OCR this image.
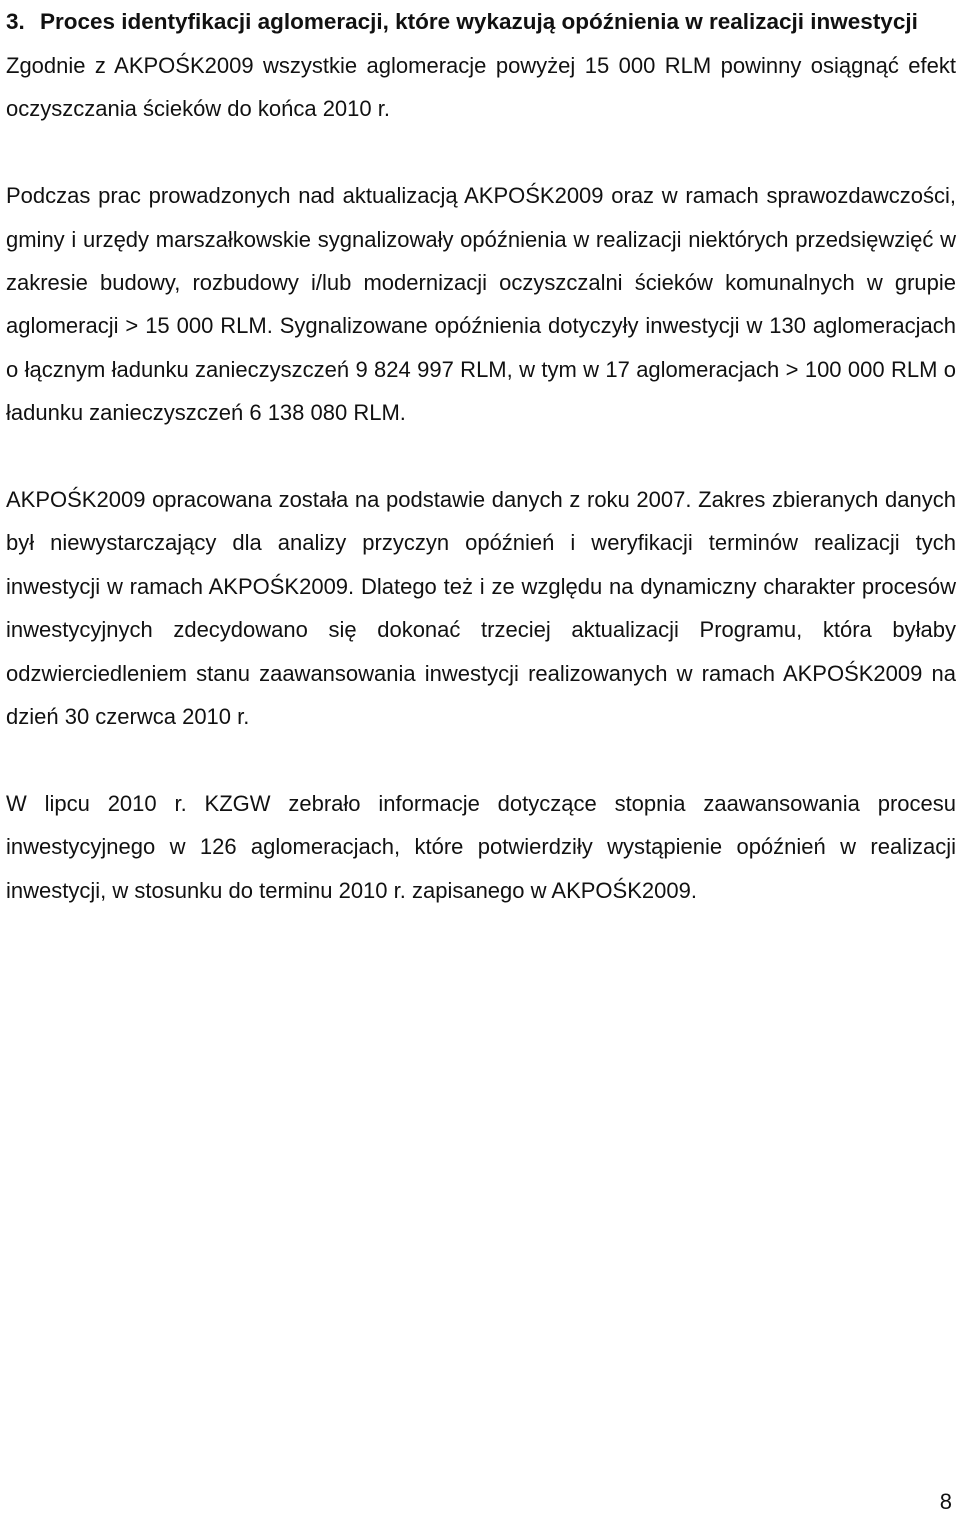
3. Proces identyfikacji aglomeracji, które wykazują opóźnienia w realizacji inwestycji

Zgodnie z AKPOŚK2009 wszystkie aglomeracje powyżej 15 000 RLM powinny osiągnąć efekt oczyszczania ścieków do końca 2010 r.

Podczas prac prowadzonych nad aktualizacją AKPOŚK2009 oraz w ramach sprawozdawczości, gminy i urzędy marszałkowskie sygnalizowały opóźnienia w realizacji niektórych przedsięwzięć w zakresie budowy, rozbudowy i/lub modernizacji oczyszczalni ścieków komunalnych w grupie aglomeracji > 15 000 RLM. Sygnalizowane opóźnienia dotyczyły inwestycji w 130 aglomeracjach o łącznym ładunku zanieczyszczeń 9 824 997 RLM, w tym w 17 aglomeracjach > 100 000 RLM o ładunku zanieczyszczeń 6 138 080 RLM.

AKPOŚK2009 opracowana została na podstawie danych z roku 2007. Zakres zbieranych danych był niewystarczający dla analizy przyczyn opóźnień i weryfikacji terminów realizacji tych inwestycji w ramach AKPOŚK2009. Dlatego też i ze względu na dynamiczny charakter procesów inwestycyjnych zdecydowano się dokonać trzeciej aktualizacji Programu, która byłaby odzwierciedleniem stanu zaawansowania inwestycji realizowanych w ramach AKPOŚK2009 na dzień 30 czerwca 2010 r.

W lipcu 2010 r. KZGW zebrało informacje dotyczące stopnia zaawansowania procesu inwestycyjnego w 126 aglomeracjach, które potwierdziły wystąpienie opóźnień w realizacji inwestycji, w stosunku do terminu 2010 r. zapisanego w AKPOŚK2009.

8
